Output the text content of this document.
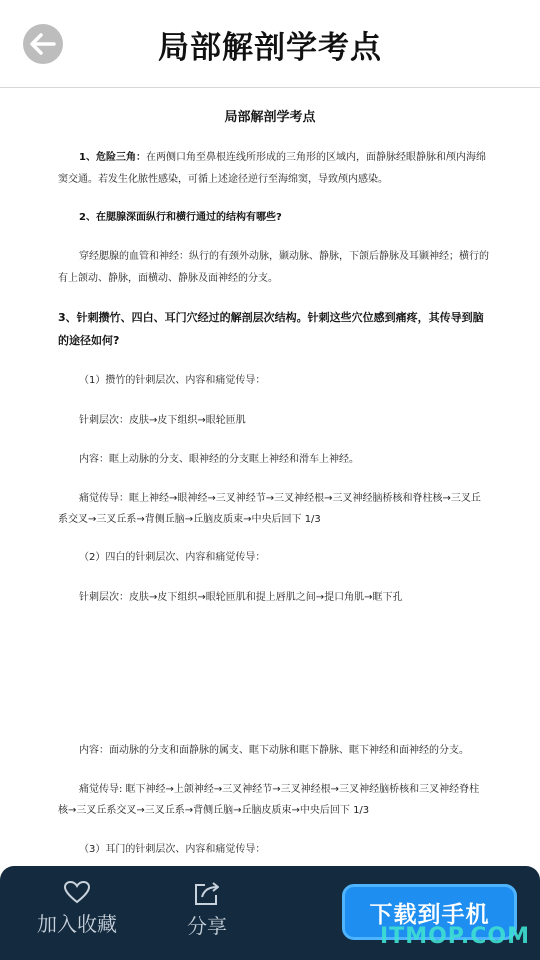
局部解剖学考点
局部解剖学考点
1、危险三角：在两侧口角至鼻根连线所形成的三角形的区域内，面静脉经眼静脉和颅内海绵
窦交通。若发生化脓性感染，可循上述途径逆行至海绵窦，导致颅内感染。
2、在腮腺深面纵行和横行通过的结构有哪些?
穿经腮腺的血管和神经：纵行的有颈外动脉，颞动脉、静脉，下颌后静脉及耳颞神经；横行的
有上颌动、静脉，面横动、静脉及面神经的分支。
3、针刺攒竹、四白、耳门穴经过的解剖层次结构。针刺这些穴位感到痛疼，其传导到脑
的途径如何?
（1）攒竹的针刺层次、内容和痛觉传导：
针刺层次：皮肤→皮下组织→眼轮匝肌
内容：眶上动脉的分支、眼神经的分支眶上神经和滑车上神经。
痛觉传导：眶上神经→眼神经→三叉神经节→三叉神经根→三叉神经脑桥核和脊柱核→三叉丘
系交叉→三叉丘系→背侧丘脑→丘脑皮质束→中央后回下 1/3
（2）四白的针刺层次、内容和痛觉传导：
针刺层次：皮肤→皮下组织→眼轮匝肌和提上唇肌之间→提口角肌→眶下孔
内容：面动脉的分支和面静脉的属支、眶下动脉和眶下静脉、眶下神经和面神经的分支。
痛觉传导: 眶下神经→上颌神经→三叉神经节→三叉神经根→三叉神经脑桥核和三叉神经脊柱
核→三叉丘系交叉→三叉丘系→背侧丘脑→丘脑皮质束→中央后回下 1/3
（3）耳门的针刺层次、内容和痛觉传导：
加入收藏	分享	下载到手机
ITMOP.COM
